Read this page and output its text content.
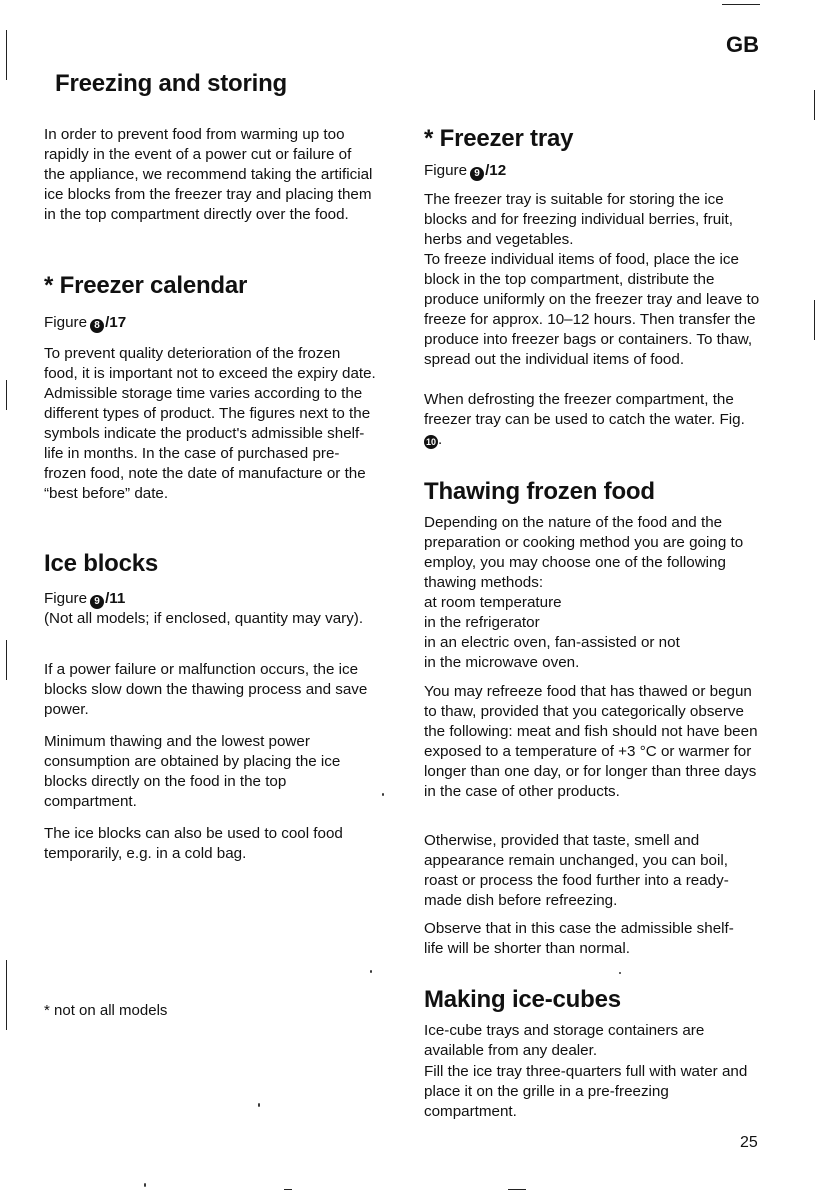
GB
Freezing and storing

In order to prevent food from warming up too rapidly in the event of a power cut or failure of the appliance, we recommend taking the artificial ice blocks from the freezer tray and placing them in the top compartment directly over the food.

* Freezer calendar

Figure 8 /17

To prevent quality deterioration of the frozen food, it is important not to exceed the expiry date. Admissible storage time varies according to the different types of product. The figures next to the symbols indicate the product's admissible shelf-life in months. In the case of purchased pre-frozen food, note the date of manufacture or the “best before” date.

Ice blocks

Figure 9 /11

(Not all models; if enclosed, quantity may vary).

If a power failure or malfunction occurs, the ice blocks slow down the thawing process and save power.

Minimum thawing and the lowest power consumption are obtained by placing the ice blocks directly on the food in the top compartment.

The ice blocks can also be used to cool food temporarily, e.g. in a cold bag.

* not on all models
* Freezer tray

Figure 9 /12

The freezer tray is suitable for storing the ice blocks and for freezing individual berries, fruit, herbs and vegetables.

To freeze individual items of food, place the ice block in the top compartment, distribute the produce uniformly on the freezer tray and leave to freeze for approx. 10–12 hours. Then transfer the produce into freezer bags or containers. To thaw, spread out the individual items of food.

When defrosting the freezer compartment, the freezer tray can be used to catch the water. Fig. 10 .

Thawing frozen food

Depending on the nature of the food and the preparation or cooking method you are going to employ, you may choose one of the following thawing methods:

at room temperature
in the refrigerator
in an electric oven, fan-assisted or not
in the microwave oven.

You may refreeze food that has thawed or begun to thaw, provided that you categorically observe the following: meat and fish should not have been exposed to a temperature of +3 °C or warmer for longer than one day, or for longer than three days in the case of other products.

Otherwise, provided that taste, smell and appearance remain unchanged, you can boil, roast or process the food further into a ready-made dish before refreezing.

Observe that in this case the admissible shelf-life will be shorter than normal.

Making ice-cubes

Ice-cube trays and storage containers are available from any dealer.

Fill the ice tray three-quarters full with water and place it on the grille in a pre-freezing compartment.

25
